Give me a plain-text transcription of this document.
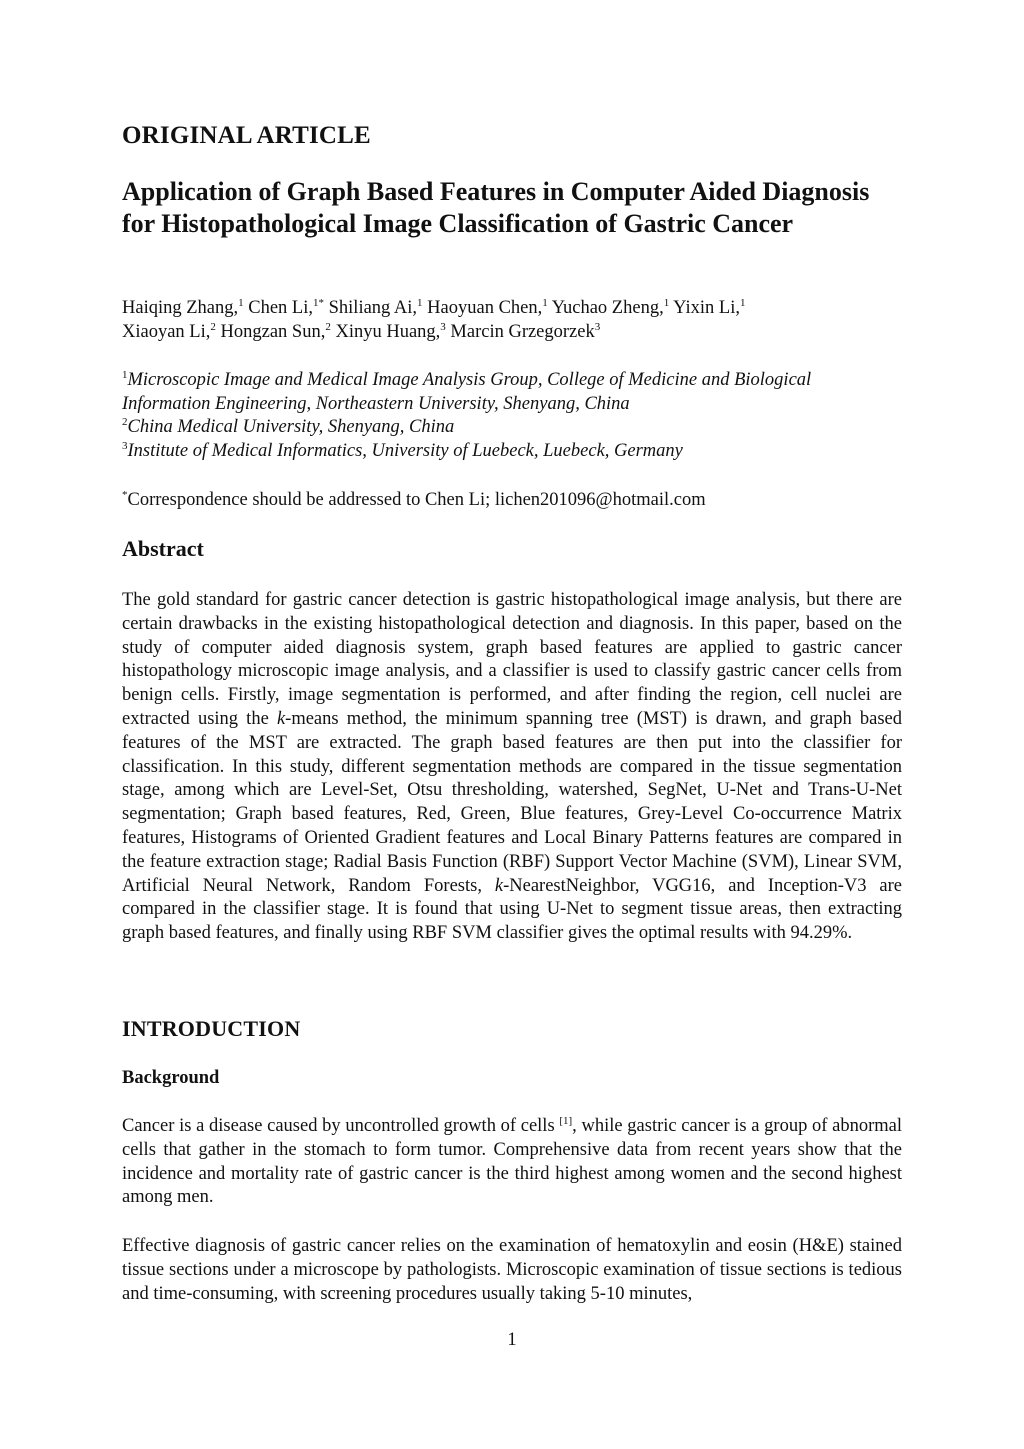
ORIGINAL ARTICLE
Application of Graph Based Features in Computer Aided Diagnosis for Histopathological Image Classification of Gastric Cancer
Haiqing Zhang,$^1$ Chen Li,$^{1*}$ Shiliang Ai,$^1$ Haoyuan Chen,$^1$ Yuchao Zheng,$^1$ Yixin Li,$^1$
Xiaoyan Li,$^2$ Hongzan Sun,$^2$ Xinyu Huang,$^3$ Marcin Grzegorzek$^3$
$^1$Microscopic Image and Medical Image Analysis Group, College of Medicine and Biological Information Engineering, Northeastern University, Shenyang, China
$^2$China Medical University, Shenyang, China
$^3$Institute of Medical Informatics, University of Luebeck, Luebeck, Germany
*Correspondence should be addressed to Chen Li; lichen201096@hotmail.com
Abstract

The gold standard for gastric cancer detection is gastric histopathological image analysis, but there are certain drawbacks in the existing histopathological detection and diagnosis. In this paper, based on the study of computer aided diagnosis system, graph based features are applied to gastric cancer histopathology microscopic image analysis, and a classifier is used to classify gastric cancer cells from benign cells. Firstly, image segmentation is performed, and after finding the region, cell nuclei are extracted using the k-means method, the minimum spanning tree (MST) is drawn, and graph based features of the MST are extracted. The graph based features are then put into the classifier for classification. In this study, different segmentation methods are compared in the tissue segmentation stage, among which are Level-Set, Otsu thresholding, watershed, SegNet, U-Net and Trans-U-Net segmentation; Graph based features, Red, Green, Blue features, Grey-Level Co-occurrence Matrix features, Histograms of Oriented Gradient features and Local Binary Patterns features are compared in the feature extraction stage; Radial Basis Function (RBF) Support Vector Machine (SVM), Linear SVM, Artificial Neural Network, Random Forests, k-NearestNeighbor, VGG16, and Inception-V3 are compared in the classifier stage. It is found that using U-Net to segment tissue areas, then extracting graph based features, and finally using RBF SVM classifier gives the optimal results with 94.29%.

INTRODUCTION
Background

Cancer is a disease caused by uncontrolled growth of cells [1], while gastric cancer is a group of abnormal cells that gather in the stomach to form tumor. Comprehensive data from recent years show that the incidence and mortality rate of gastric cancer is the third highest among women and the second highest among men.

Effective diagnosis of gastric cancer relies on the examination of hematoxylin and eosin (H&E) stained tissue sections under a microscope by pathologists. Microscopic examination of tissue sections is tedious and time-consuming, with screening procedures usually taking 5-10 minutes,

1
